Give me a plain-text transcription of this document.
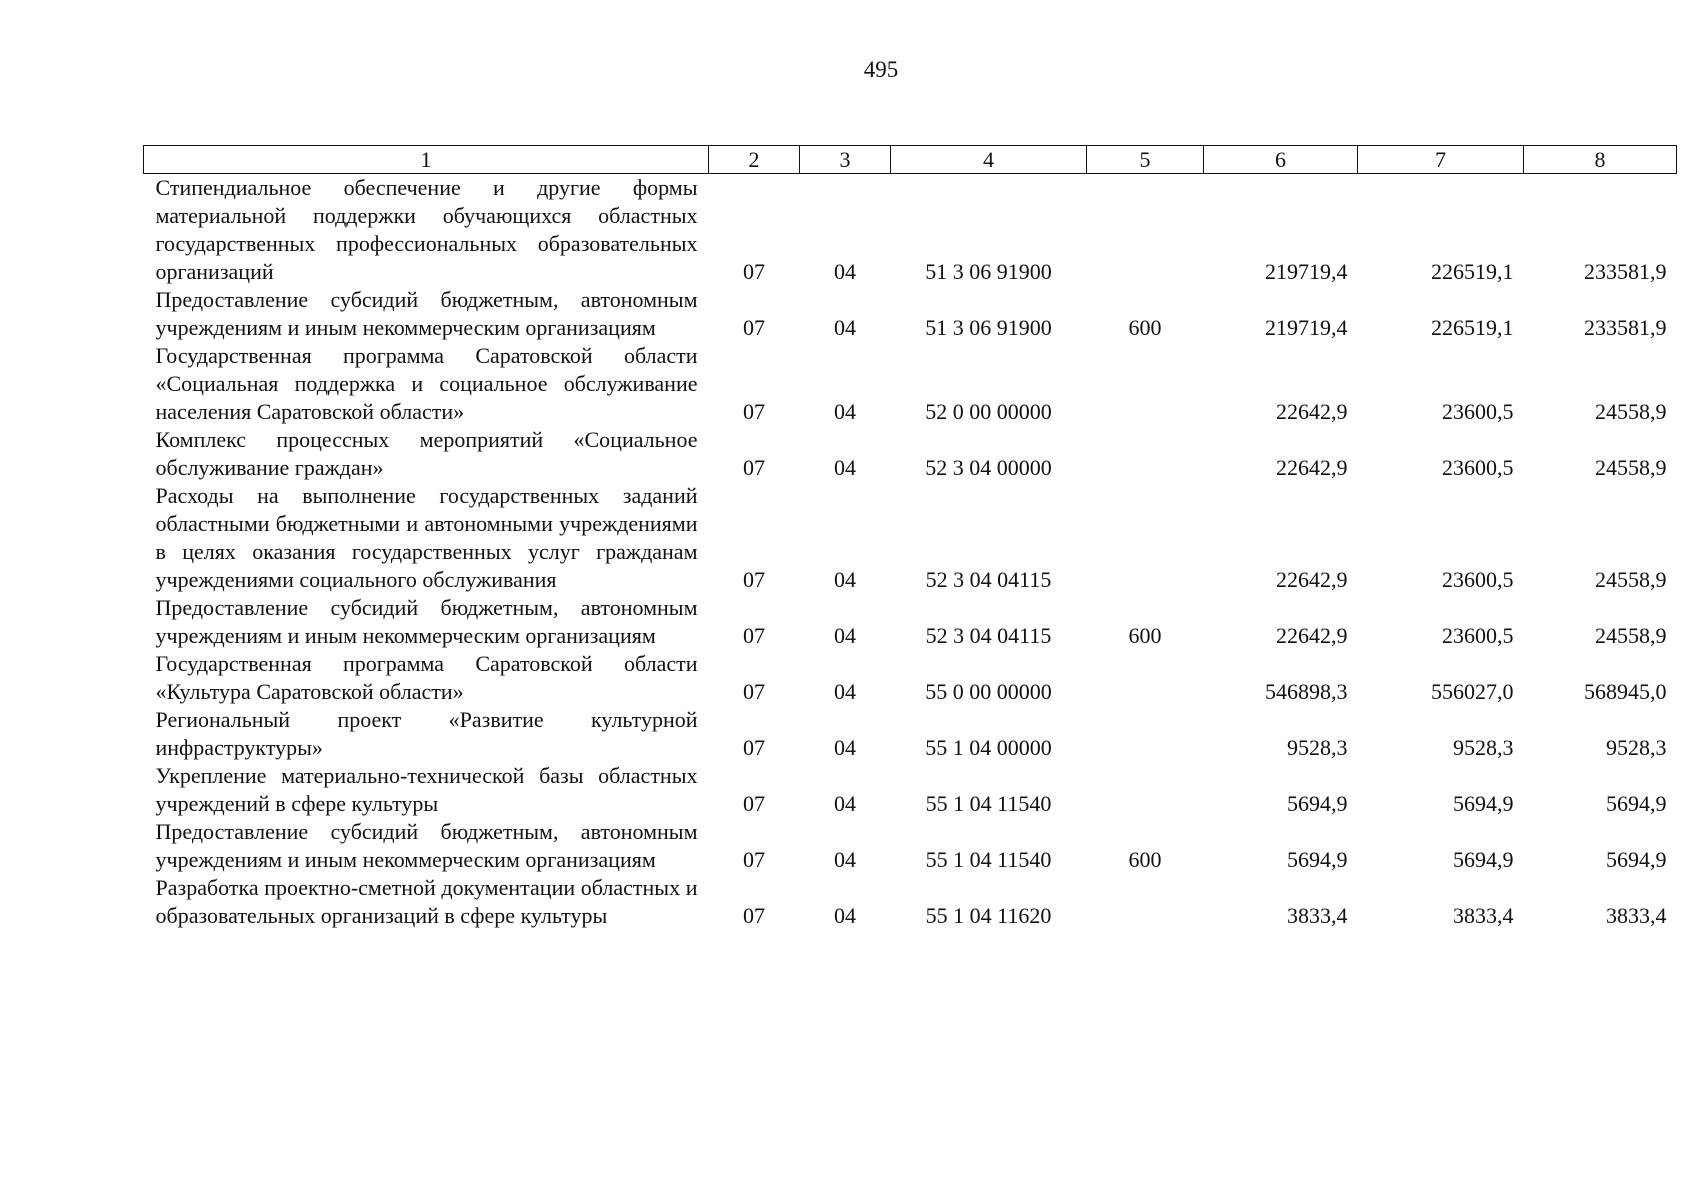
495
1	2	3	4	5	6	7	8
Стипендиальное обеспечение и другие формы материальной поддержки обучающихся областных государственных профессиональных образовательных организаций	07	04	51 3 06 91900		219719,4	226519,1	233581,9
Предоставление субсидий бюджетным, автономным учреждениям и иным некоммерческим организациям	07	04	51 3 06 91900	600	219719,4	226519,1	233581,9
Государственная программа Саратовской области «Социальная поддержка и социальное обслуживание населения Саратовской области»	07	04	52 0 00 00000		22642,9	23600,5	24558,9
Комплекс процессных мероприятий «Социальное обслуживание граждан»	07	04	52 3 04 00000		22642,9	23600,5	24558,9
Расходы на выполнение государственных заданий областными бюджетными и автономными учреждениями в целях оказания государственных услуг гражданам учреждениями социального обслуживания	07	04	52 3 04 04115		22642,9	23600,5	24558,9
Предоставление субсидий бюджетным, автономным учреждениям и иным некоммерческим организациям	07	04	52 3 04 04115	600	22642,9	23600,5	24558,9
Государственная программа Саратовской области «Культура Саратовской области»	07	04	55 0 00 00000		546898,3	556027,0	568945,0
Региональный проект «Развитие культурной инфраструктуры»	07	04	55 1 04 00000		9528,3	9528,3	9528,3
Укрепление материально-технической базы областных учреждений в сфере культуры	07	04	55 1 04 11540		5694,9	5694,9	5694,9
Предоставление субсидий бюджетным, автономным учреждениям и иным некоммерческим организациям	07	04	55 1 04 11540	600	5694,9	5694,9	5694,9
Разработка проектно-сметной документации областных и образовательных организаций в сфере культуры	07	04	55 1 04 11620		3833,4	3833,4	3833,4
